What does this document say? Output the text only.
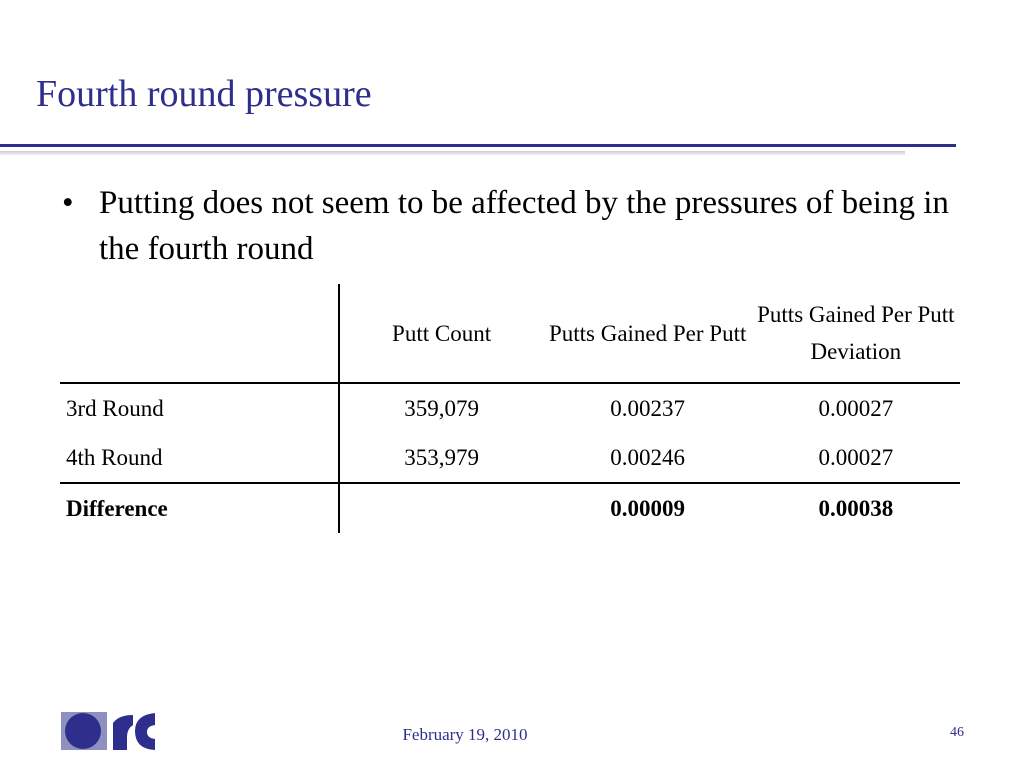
Fourth round pressure
• Putting does not seem to be affected by the pressures of being in the fourth round
	Putt Count	Putts Gained Per Putt	Putts Gained Per Putt Deviation
3rd Round	359,079	0.00237	0.00027
4th Round	353,979	0.00246	0.00027
Difference		0.00009	0.00038
February 19, 2010	46
